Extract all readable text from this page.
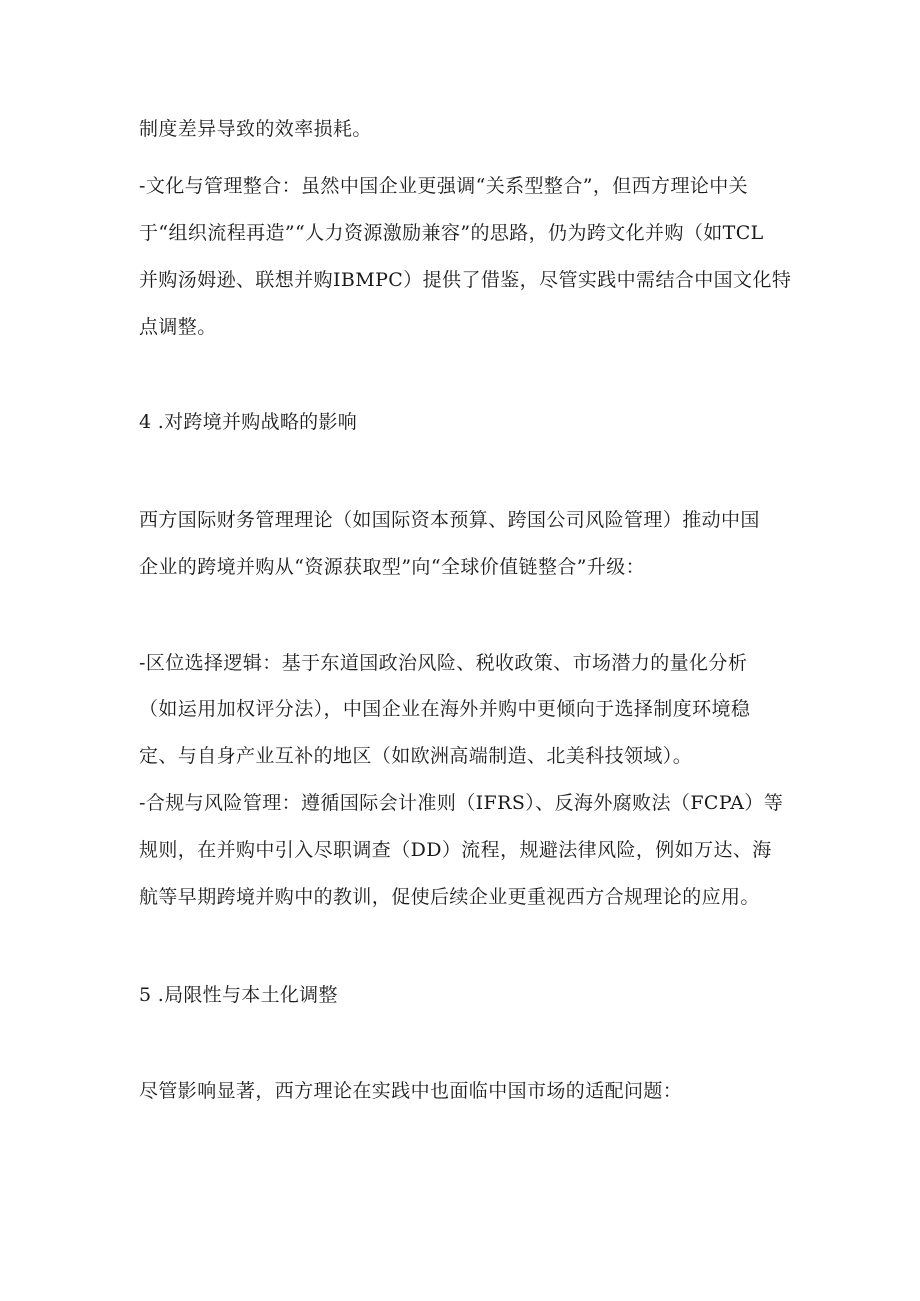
制度差异导致的效率损耗。

-文化与管理整合：虽然中国企业更强调“关系型整合”，但西方理论中关

于“组织流程再造”“人力资源激励兼容”的思路，仍为跨文化并购（如TCL

并购汤姆逊、联想并购IBMPC）提供了借鉴，尽管实践中需结合中国文化特

点调整。

4 .对跨境并购战略的影响

西方国际财务管理理论（如国际资本预算、跨国公司风险管理）推动中国

企业的跨境并购从“资源获取型”向“全球价值链整合”升级：

-区位选择逻辑：基于东道国政治风险、税收政策、市场潜力的量化分析

（如运用加权评分法），中国企业在海外并购中更倾向于选择制度环境稳

定、与自身产业互补的地区（如欧洲高端制造、北美科技领域）。

-合规与风险管理：遵循国际会计准则（IFRS）、反海外腐败法（FCPA）等

规则，在并购中引入尽职调查（DD）流程，规避法律风险，例如万达、海

航等早期跨境并购中的教训，促使后续企业更重视西方合规理论的应用。

5 .局限性与本土化调整

尽管影响显著，西方理论在实践中也面临中国市场的适配问题：
